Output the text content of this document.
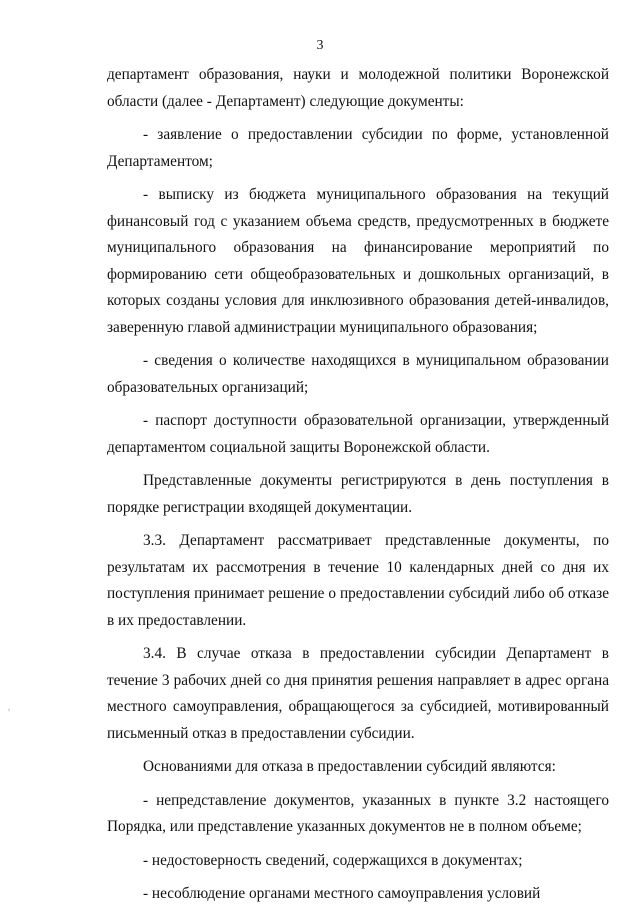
3
,

департамент образования, науки и молодежной политики Воронежской области (далее - Департамент) следующие документы:

- заявление о предоставлении субсидии по форме, установленной Департаментом;

- выписку из бюджета муниципального образования на текущий финансовый год с указанием объема средств, предусмотренных в бюджете муниципального образования на финансирование мероприятий по формированию сети общеобразовательных и дошкольных организаций, в которых созданы условия для инклюзивного образования детей-инвалидов, заверенную главой администрации муниципального образования;

- сведения о количестве находящихся в муниципальном образовании образовательных организаций;

- паспорт доступности образовательной организации, утвержденный департаментом социальной защиты Воронежской области.

Представленные документы регистрируются в день поступления в порядке регистрации входящей документации.

3.3. Департамент рассматривает представленные документы, по результатам их рассмотрения в течение 10 календарных дней со дня их поступления принимает решение о предоставлении субсидий либо об отказе в их предоставлении.

3.4. В случае отказа в предоставлении субсидии Департамент в течение 3 рабочих дней со дня принятия решения направляет в адрес органа местного самоуправления, обращающегося за субсидией, мотивированный письменный отказ в предоставлении субсидии.

Основаниями для отказа в предоставлении субсидий являются:

- непредставление документов, указанных в пункте 3.2 настоящего Порядка, или представление указанных документов не в полном объеме;

- недостоверность сведений, содержащихся в документах;

- несоблюдение органами местного самоуправления условий
